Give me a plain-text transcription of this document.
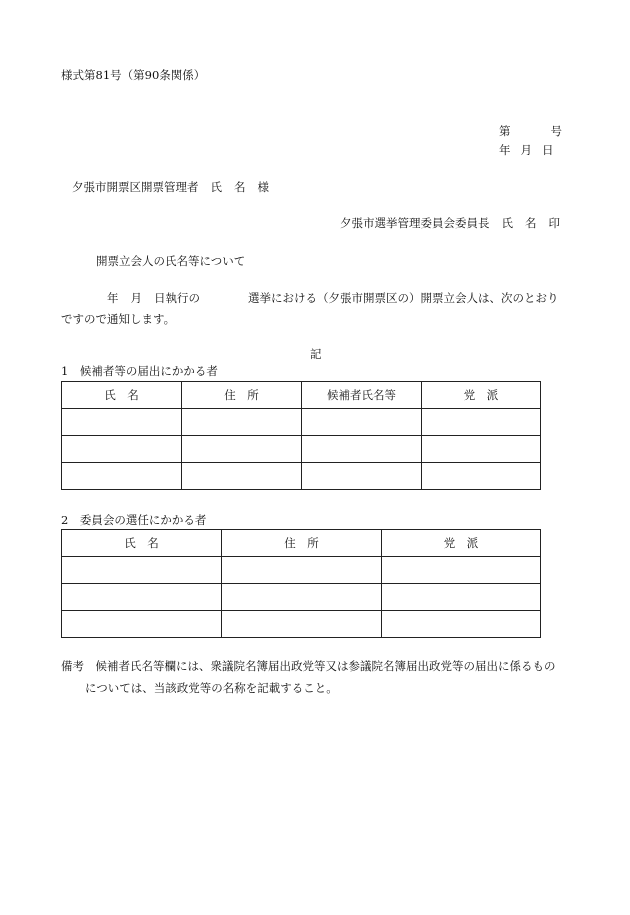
様式第81号（第90条関係）
第	号
年 月 日
夕張市開票区開票管理者 氏 名 様
夕張市選挙管理委員会委員長 氏 名 印
開票立会人の氏名等について
年 月 日執行の	選挙における（夕張市開票区の）開票立会人は、次のとおり
ですので通知します。
記
1　候補者等の届出にかかる者
氏　名	住　所	候補者氏名等	党　派

2　委員会の選任にかかる者
氏　名	住　所	党　派

備考　候補者氏名等欄には、衆議院名簿届出政党等又は参議院名簿届出政党等の届出に係るもの
については、当該政党等の名称を記載すること。
